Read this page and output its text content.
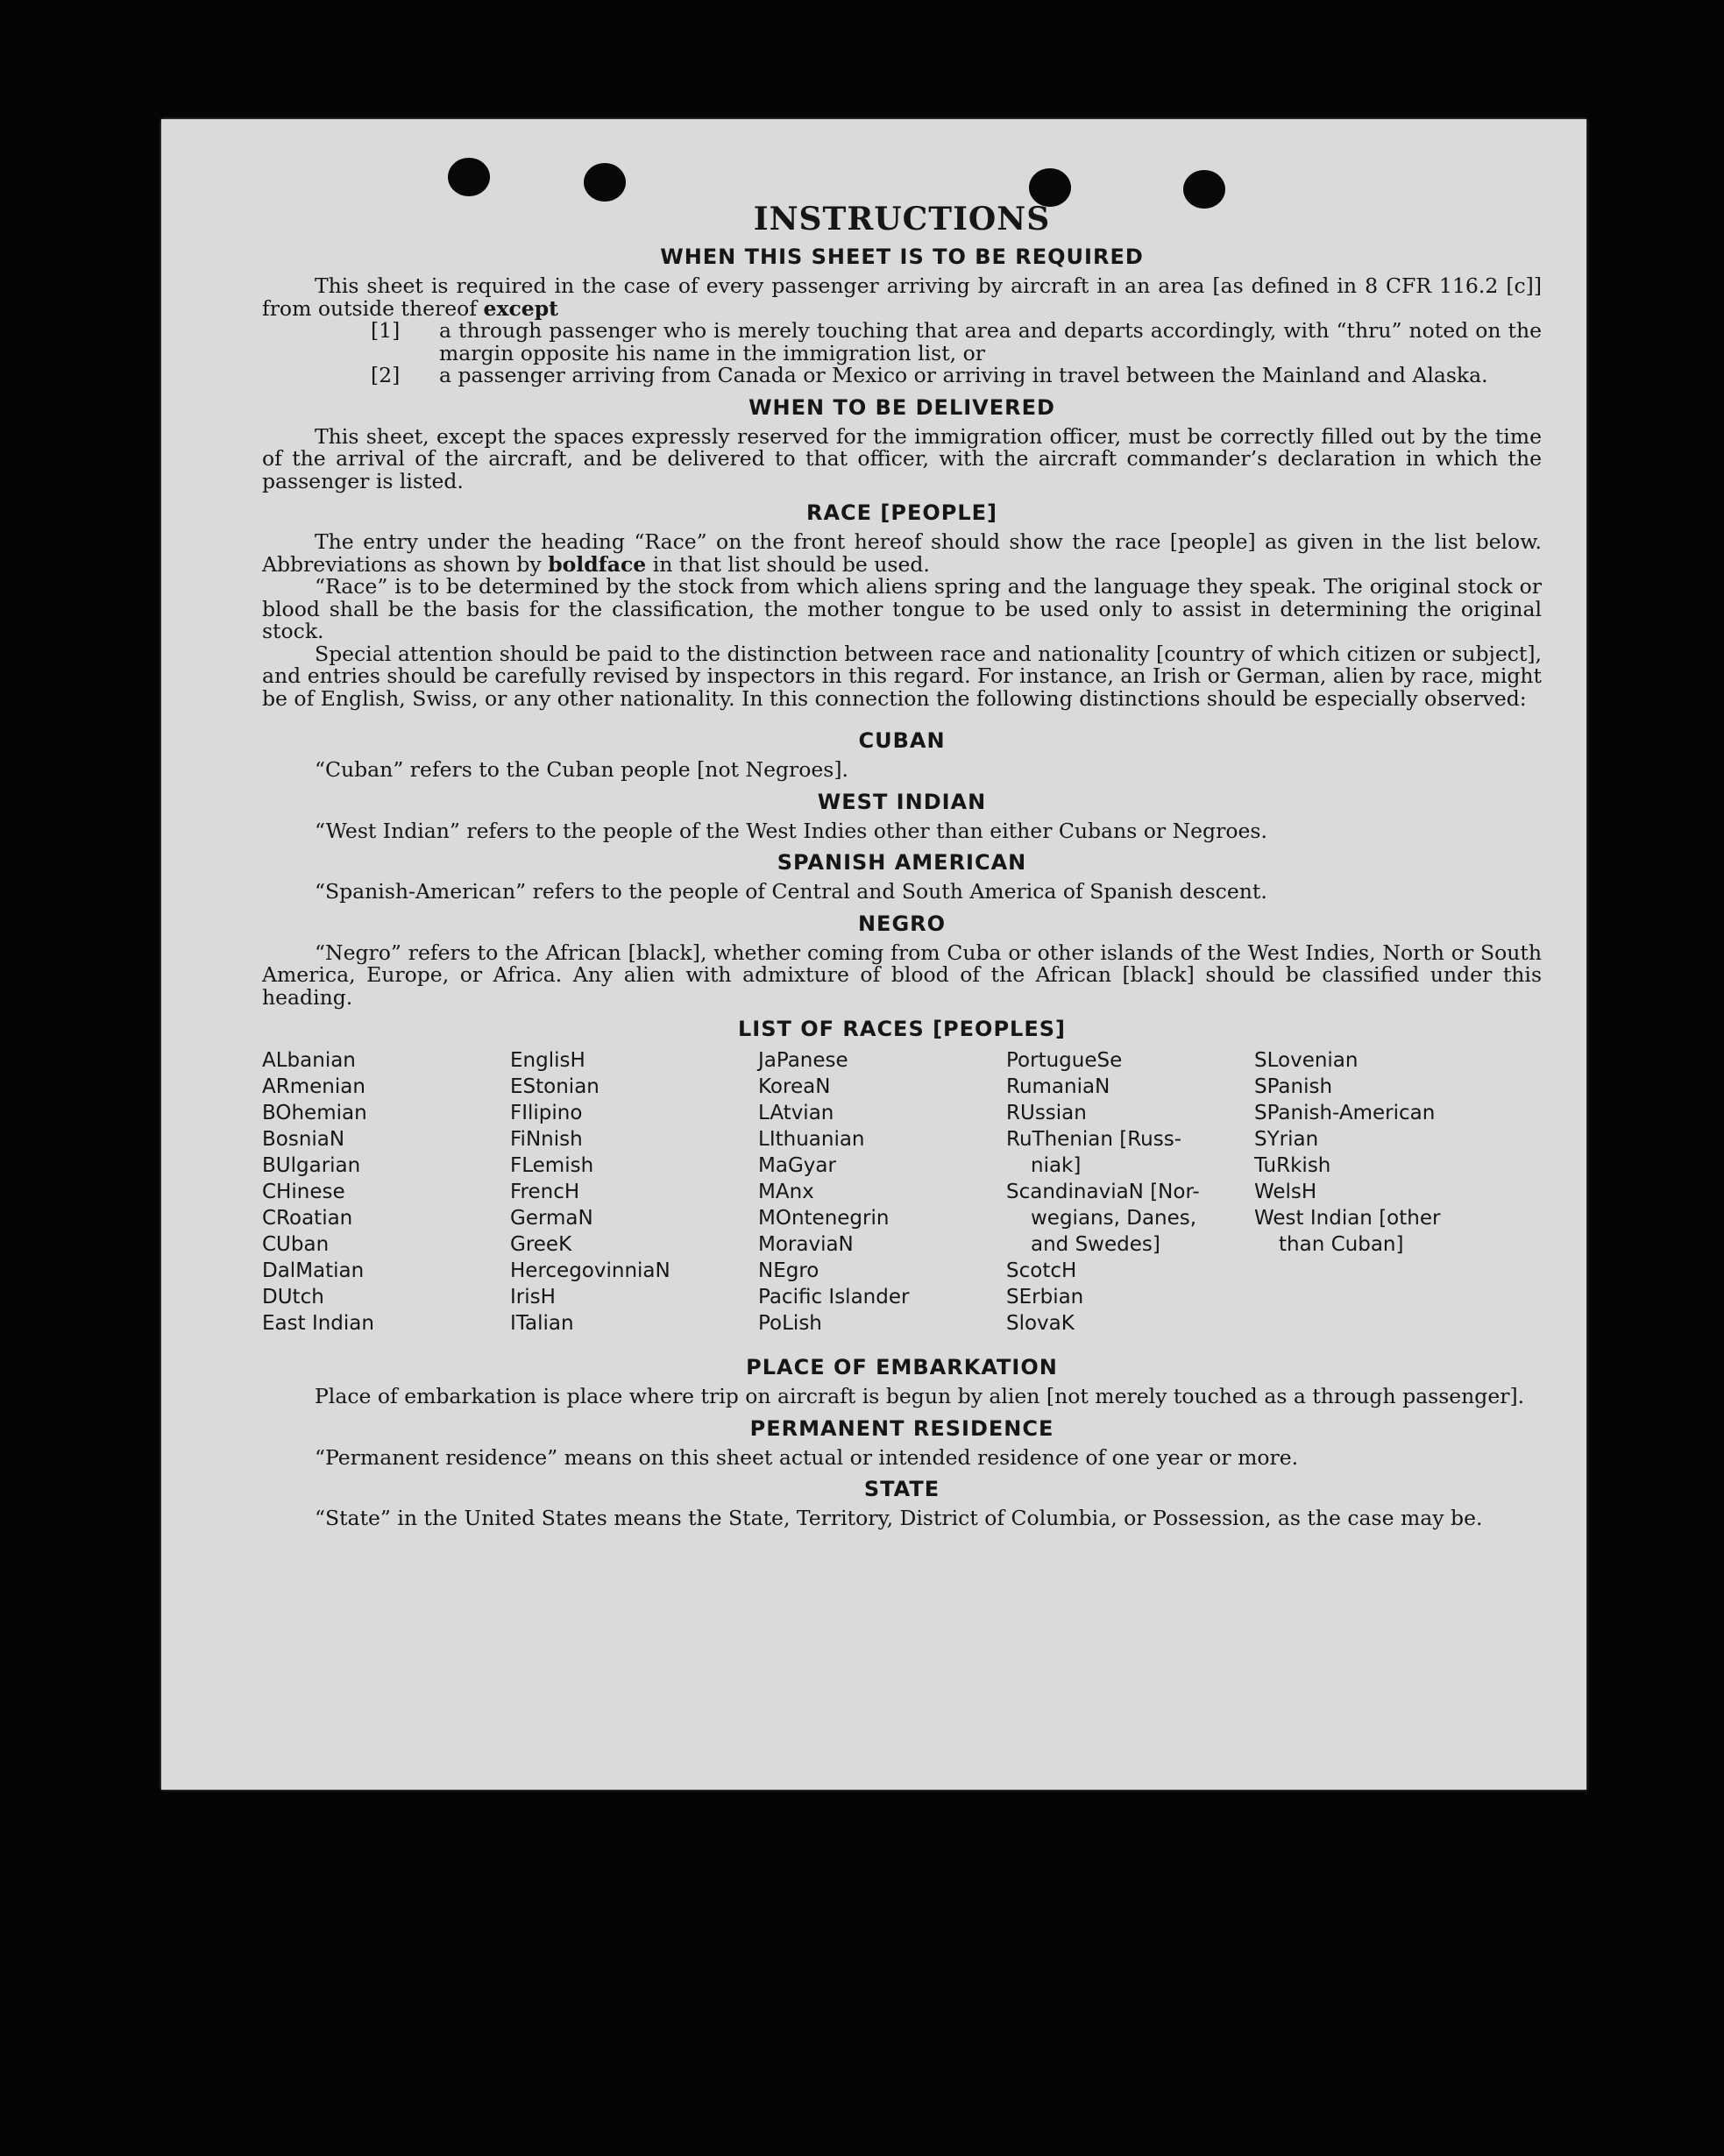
INSTRUCTIONS
WHEN THIS SHEET IS TO BE REQUIRED

This sheet is required in the case of every passenger arriving by aircraft in an area [as defined in 8 CFR 116.2 [c]] from outside thereof except

[1] a through passenger who is merely touching that area and departs accordingly, with “thru” noted on the margin opposite his name in the immigration list, or
[2] a passenger arriving from Canada or Mexico or arriving in travel between the Mainland and Alaska.
WHEN TO BE DELIVERED

This sheet, except the spaces expressly reserved for the immigration officer, must be correctly filled out by the time of the arrival of the aircraft, and be delivered to that officer, with the aircraft commander’s declaration in which the passenger is listed.

RACE [PEOPLE]

The entry under the heading “Race” on the front hereof should show the race [people] as given in the list below. Abbreviations as shown by boldface in that list should be used.

“Race” is to be determined by the stock from which aliens spring and the language they speak. The original stock or blood shall be the basis for the classification, the mother tongue to be used only to assist in determining the original stock.

Special attention should be paid to the distinction between race and nationality [country of which citizen or subject], and entries should be carefully revised by inspectors in this regard. For instance, an Irish or German, alien by race, might be of English, Swiss, or any other nationality. In this connection the following distinctions should be especially observed:

CUBAN

“Cuban” refers to the Cuban people [not Negroes].

WEST INDIAN

“West Indian” refers to the people of the West Indies other than either Cubans or Negroes.

SPANISH AMERICAN

“Spanish-American” refers to the people of Central and South America of Spanish descent.

NEGRO

“Negro” refers to the African [black], whether coming from Cuba or other islands of the West Indies, North or South America, Europe, or Africa. Any alien with admixture of blood of the African [black] should be classified under this heading.

LIST OF RACES [PEOPLES]
ALbanian
ARmenian
BOhemian
BosniaN
BUlgarian
CHinese
CRoatian
CUban
DalMatian
DUtch
East Indian
EnglisH
EStonian
FIlipino
FiNnish
FLemish
FrencH
GermaN
GreeK
HercegovinniaN
IrisH
ITalian
JaPanese
KoreaN
LAtvian
LIthuanian
MaGyar
MAnx
MOntenegrin
MoraviaN
NEgro
Pacific Islander
PoLish
PortugueSe
RumaniaN
RUssian
RuThenian [Russ-
niak]
ScandinaviaN [Nor-
wegians, Danes,
and Swedes]
ScotcH
SErbian
SlovaK
SLovenian
SPanish
SPanish-American
SYrian
TuRkish
WelsH
West Indian [other
than Cuban]
PLACE OF EMBARKATION

Place of embarkation is place where trip on aircraft is begun by alien [not merely touched as a through passenger].

PERMANENT RESIDENCE

“Permanent residence” means on this sheet actual or intended residence of one year or more.

STATE

“State” in the United States means the State, Territory, District of Columbia, or Possession, as the case may be.
